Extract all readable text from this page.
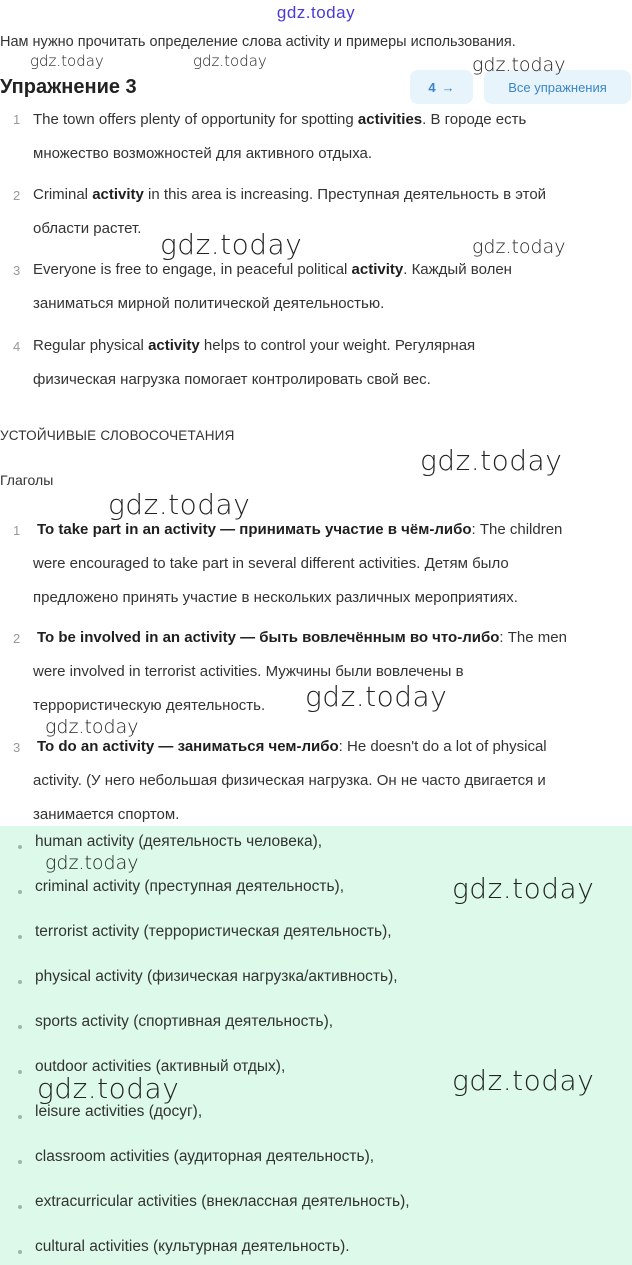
gdz.today
Нам нужно прочитать определение слова activity и примеры использования.
Упражнение 3	4 →	Все упражнения
1 The town offers plenty of opportunity for spotting activities. В городе есть
множество возможностей для активного отдыха.
2 Criminal activity in this area is increasing. Преступная деятельность в этой
области растет.
3 Everyone is free to engage, in peaceful political activity. Каждый волен
заниматься мирной политической деятельностью.
4 Regular physical activity helps to control your weight. Регулярная
физическая нагрузка помогает контролировать свой вес.
УСТОЙЧИВЫЕ СЛОВОСОЧЕТАНИЯ
Глаголы
1 To take part in an activity — принимать участие в чём-либо: The children
were encouraged to take part in several different activities. Детям было
предложено принять участие в нескольких различных мероприятиях.
2 To be involved in an activity — быть вовлечённым во что-либо: The men
were involved in terrorist activities. Мужчины были вовлечены в
террористическую деятельность.
3 To do an activity — заниматься чем-либо: He doesn't do a lot of physical
activity. (У него небольшая физическая нагрузка. Он не часто двигается и
занимается спортом.
human activity (деятельность человека),
criminal activity (преступная деятельность),
terrorist activity (террористическая деятельность),
physical activity (физическая нагрузка/активность),
sports activity (спортивная деятельность),
outdoor activities (активный отдых),
leisure activities (досуг),
classroom activities (аудиторная деятельность),
extracurricular activities (внеклассная деятельность),
cultural activities (культурная деятельность).
gdz.today	gdz.today	gdz.today
gdz.today	gdz.today
gdz.today
gdz.today
gdz.today
gdz.today
gdz.today
gdz.today
gdz.today
gdz.today
